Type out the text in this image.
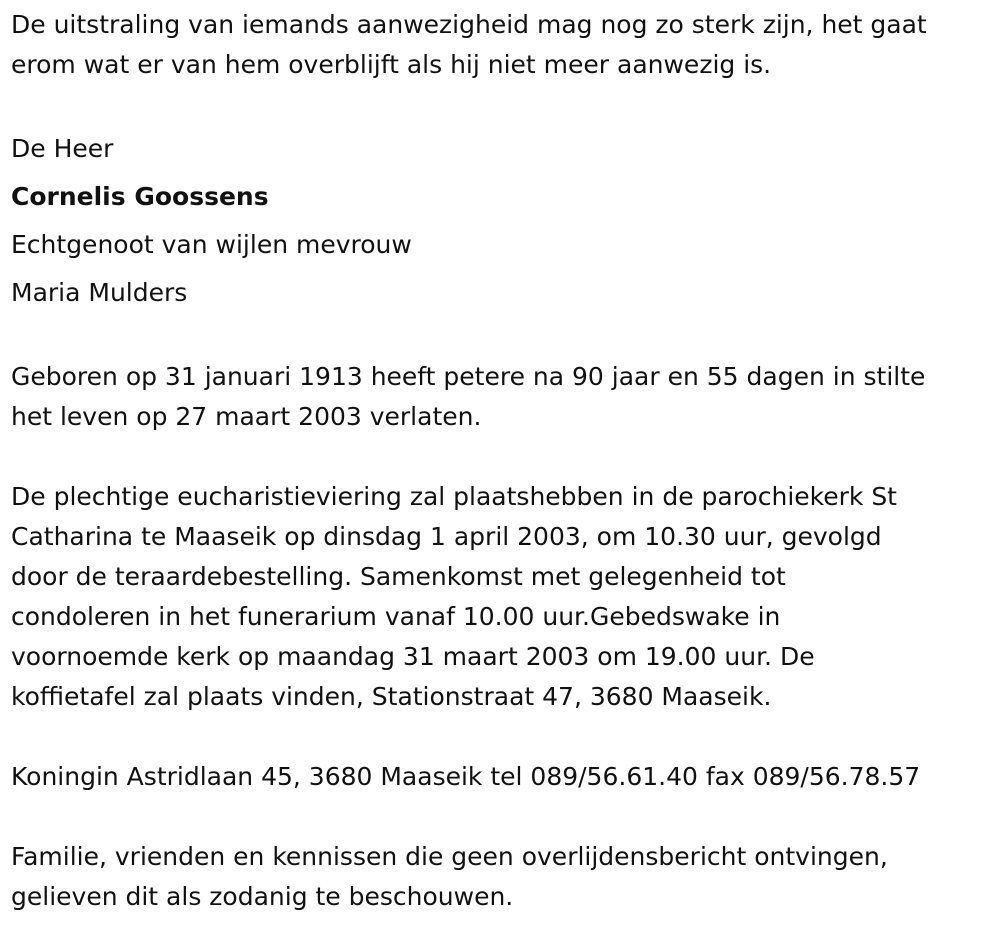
De uitstraling van iemands aanwezigheid mag nog zo sterk zijn, het gaat

erom wat er van hem overblijft als hij niet meer aanwezig is.

De Heer

Cornelis Goossens

Echtgenoot van wijlen mevrouw

Maria Mulders

Geboren op 31 januari 1913 heeft petere na 90 jaar en 55 dagen in stilte

het leven op 27 maart 2003 verlaten.

De plechtige eucharistieviering zal plaatshebben in de parochiekerk St

Catharina te Maaseik op dinsdag 1 april 2003, om 10.30 uur, gevolgd

door de teraardebestelling. Samenkomst met gelegenheid tot

condoleren in het funerarium vanaf 10.00 uur.Gebedswake in

voornoemde kerk op maandag 31 maart 2003 om 19.00 uur. De

koffietafel zal plaats vinden, Stationstraat 47, 3680 Maaseik.

Koningin Astridlaan 45, 3680 Maaseik tel 089/56.61.40 fax 089/56.78.57

Familie, vrienden en kennissen die geen overlijdensbericht ontvingen,

gelieven dit als zodanig te beschouwen.
